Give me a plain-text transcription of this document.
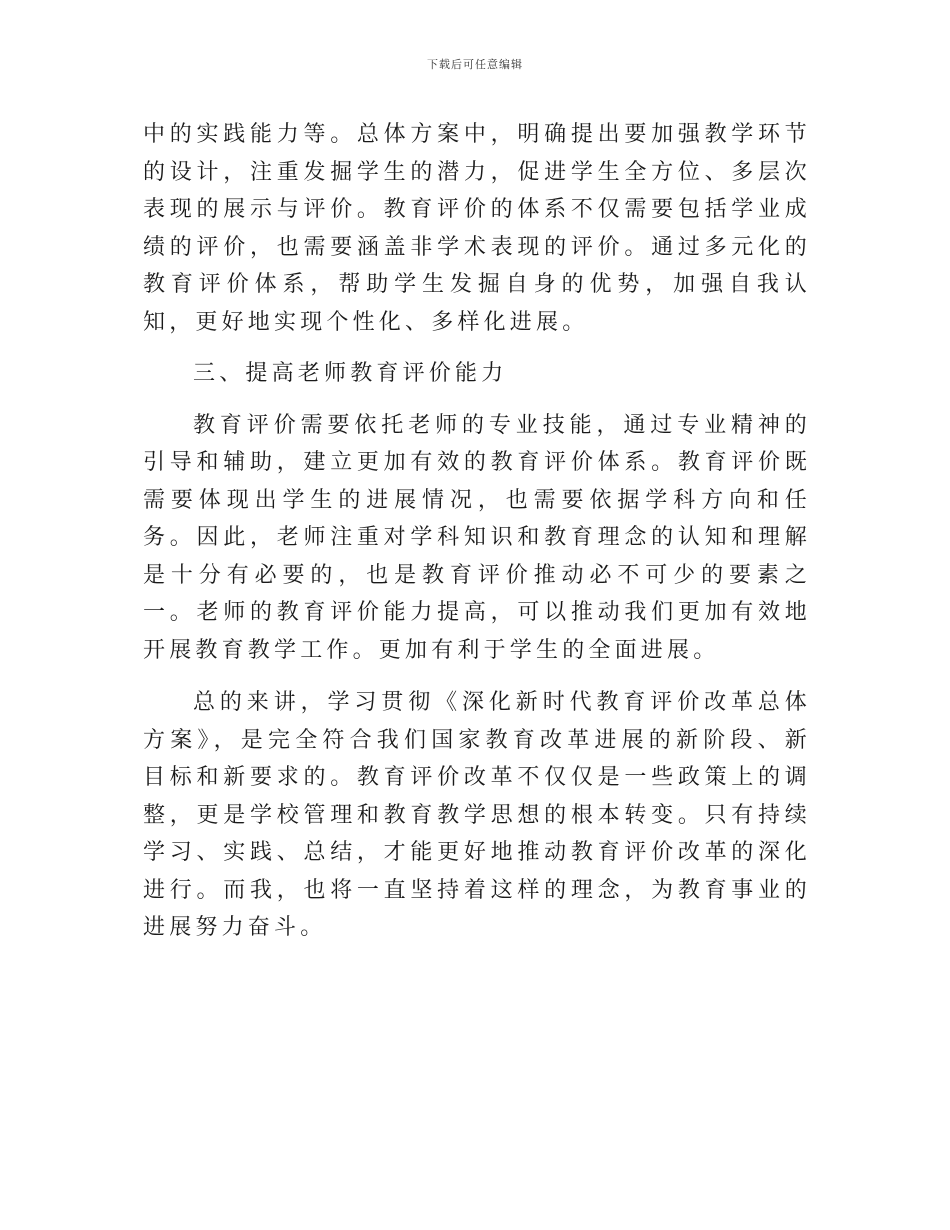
下载后可任意编辑

中的实践能力等。总体方案中，明确提出要加强教学环节的设计，注重发掘学生的潜力，促进学生全方位、多层次表现的展示与评价。教育评价的体系不仅需要包括学业成绩的评价，也需要涵盖非学术表现的评价。通过多元化的教育评价体系，帮助学生发掘自身的优势，加强自我认知，更好地实现个性化、多样化进展。

三、提高老师教育评价能力

教育评价需要依托老师的专业技能，通过专业精神的引导和辅助，建立更加有效的教育评价体系。教育评价既需要体现出学生的进展情况，也需要依据学科方向和任务。因此，老师注重对学科知识和教育理念的认知和理解是十分有必要的，也是教育评价推动必不可少的要素之一。老师的教育评价能力提高，可以推动我们更加有效地开展教育教学工作。更加有利于学生的全面进展。

总的来讲，学习贯彻《深化新时代教育评价改革总体方案》，是完全符合我们国家教育改革进展的新阶段、新目标和新要求的。教育评价改革不仅仅是一些政策上的调整，更是学校管理和教育教学思想的根本转变。只有持续学习、实践、总结，才能更好地推动教育评价改革的深化进行。而我，也将一直坚持着这样的理念，为教育事业的进展努力奋斗。
